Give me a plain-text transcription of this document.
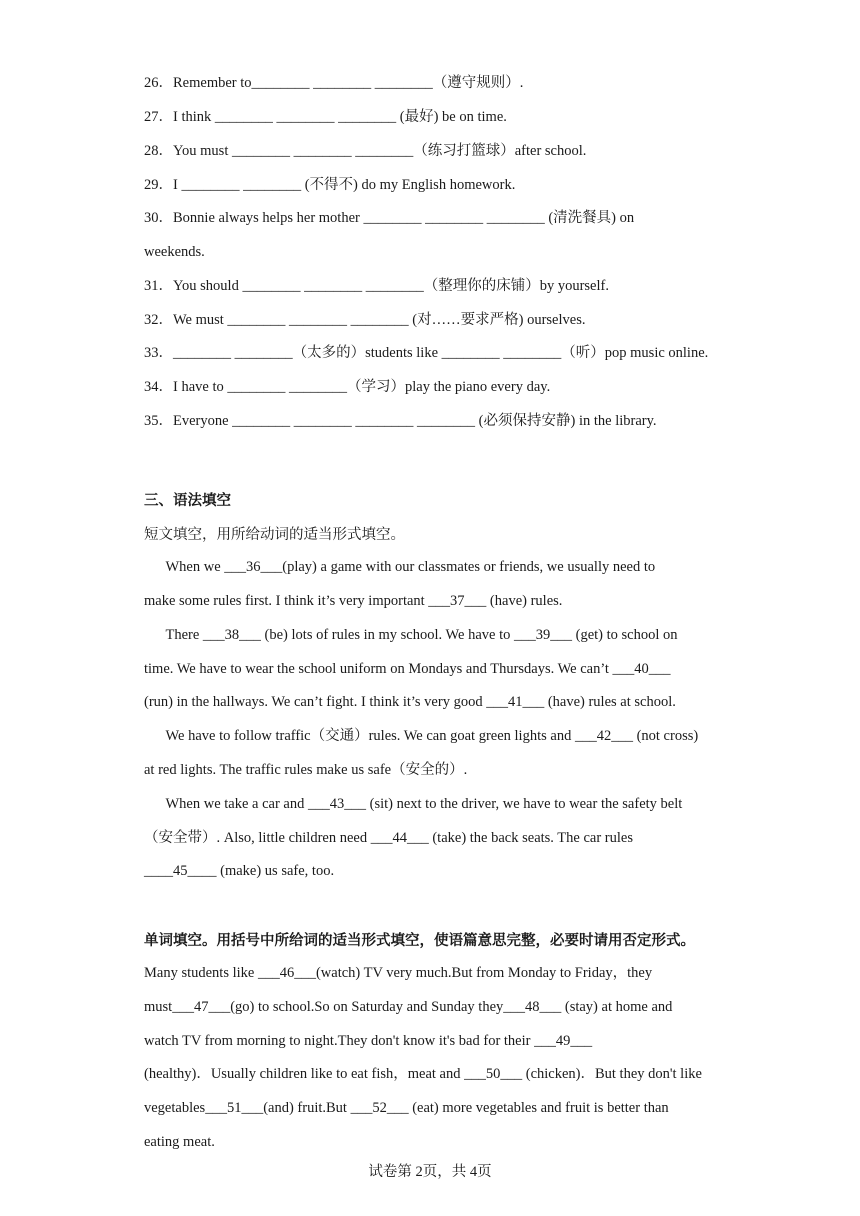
26．Remember to________ ________ ________（遵守规则）.
27．I think ________ ________ ________ (最好) be on time.
28．You must ________ ________ ________（练习打篮球）after school.
29．I ________ ________ (不得不) do my English homework.
30．Bonnie always helps her mother ________ ________ ________ (清洗餐具) on
weekends.
31．You should ________ ________ ________（整理你的床铺）by yourself.
32．We must ________ ________ ________ (对……要求严格) ourselves.
33．________ ________（太多的）students like ________ ________（听）pop music online.
34．I have to ________ ________（学习）play the piano every day.
35．Everyone ________ ________ ________ ________ (必须保持安静) in the library.
三、语法填空
短文填空，用所给动词的适当形式填空。
When we ___36___(play) a game with our classmates or friends, we usually need to
make some rules first. I think it’s very important ___37___ (have) rules.
There ___38___ (be) lots of rules in my school. We have to ___39___ (get) to school on
time. We have to wear the school uniform on Mondays and Thursdays. We can’t ___40___
(run) in the hallways. We can’t fight. I think it’s very good ___41___ (have) rules at school.
We have to follow traffic（交通）rules. We can goat green lights and ___42___ (not cross)
at red lights. The traffic rules make us safe（安全的）.
When we take a car and ___43___ (sit) next to the driver, we have to wear the safety belt
（安全带）. Also, little children need ___44___ (take) the back seats. The car rules
____45____ (make) us safe, too.
单词填空。用括号中所给词的适当形式填空，使语篇意思完整，必要时请用否定形式。
Many students like ___46___(watch) TV very much.But from Monday to Friday，they
must___47___(go) to school.So on Saturday and Sunday they___48___ (stay) at home and
watch TV from morning to night.They don't know it's bad for their ___49___
(healthy)．Usually children like to eat fish，meat and ___50___ (chicken)．But they don't like
vegetables___51___(and) fruit.But ___52___ (eat) more vegetables and fruit is better than
eating meat.
试卷第 2页，共 4页
